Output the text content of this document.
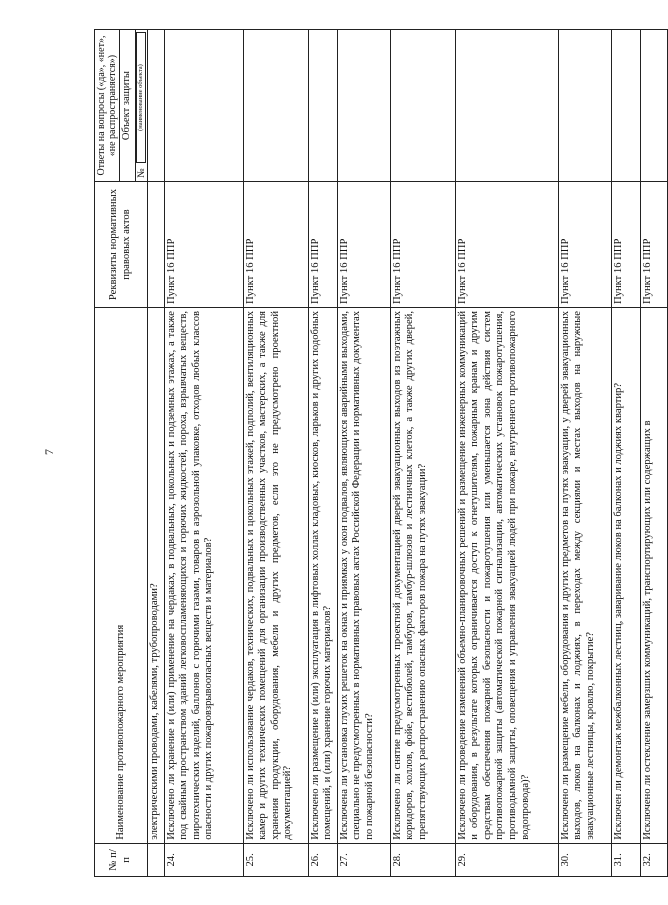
7
№ п/п	Наименование противопожарного мероприятия	Реквизиты нормативных правовых актов	
Ответы на вопросы («да», «нет», «не распространяется») Объект защиты
№	
(наименование объекта)

	электрическими проводами, кабелями, трубопроводами?		
24.	Исключено ли хранение и (или) применение на чердаках, в подвальных, цокольных и подземных этажах, а также под свайным пространством зданий легковоспламеняющихся и горючих жидкостей, пороха, взрывчатых веществ, пиротехнических изделий, баллонов с горючими газами, товаров в аэрозольной упаковке, отходов любых классов опасности и других пожаровзрывоопасных веществ и материалов?	Пункт 16 ППР	
25.	Исключено ли использование чердаков, технических, подвальных и цокольных этажей, подполий, вентиляционных камер и других технических помещений для организации производственных участков, мастерских, а также для хранения продукции, оборудования, мебели и других предметов, если это не предусмотрено проектной документацией?	Пункт 16 ППР	
26.	Исключено ли размещение и (или) эксплуатация в лифтовых холлах кладовых, киосков, ларьков и других подобных помещений, и (или) хранение горючих материалов?	Пункт 16 ППР	
27.	Исключена ли установка глухих решеток на окнах и приямках у окон подвалов, являющихся аварийными выходами, специально не предусмотренных в нормативных правовых актах Российской Федерации и нормативных документах по пожарной безопасности?	Пункт 16 ППР	
28.	Исключено ли снятие предусмотренных проектной документацией дверей эвакуационных выходов из поэтажных коридоров, холлов, фойе, вестибюлей, тамбуров, тамбур-шлюзов и лестничных клеток, а также других дверей, препятствующих распространению опасных факторов пожара на путях эвакуации?	Пункт 16 ППР	
29.	Исключено ли проведение изменений объемно-планировочных решений и размещение инженерных коммуникаций и оборудования, в результате которых ограничивается доступ к огнетушителям, пожарным кранам и другим средствам обеспечения пожарной безопасности и пожаротушения или уменьшается зона действия систем противопожарной защиты (автоматической пожарной сигнализации, автоматических установок пожаротушения, противодымной защиты, оповещения и управления эвакуацией людей при пожаре, внутреннего противопожарного водопровода)?	Пункт 16 ППР	
30.	Исключено ли размещение мебели, оборудования и других предметов на путях эвакуации, у дверей эвакуационных выходов, люков на балконах и лоджиях, в переходах между секциями и местах выходов на наружные эвакуационные лестницы, кровлю, покрытие?	Пункт 16 ППР	
31.	Исключен ли демонтаж межбалконных лестниц, заваривание люков на балконах и лоджиях квартир?	Пункт 16 ППР	
32.	Исключено ли остекление замерзших коммуникаций, транспортирующих или содержащих в	Пункт 16 ППР	
